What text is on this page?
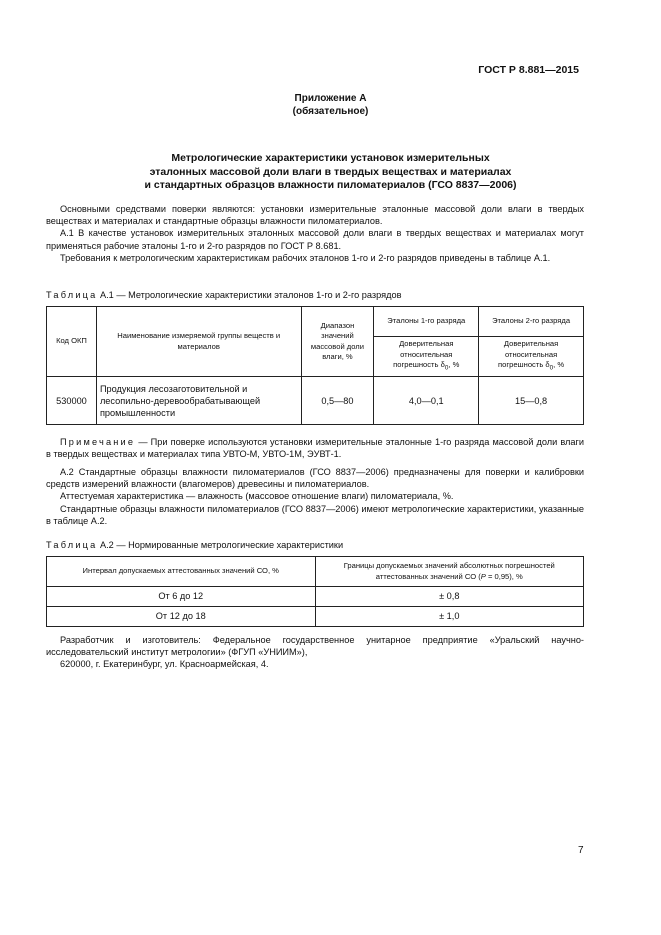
ГОСТ Р 8.881—2015
Приложение А
(обязательное)
Метрологические характеристики установок измерительных
эталонных массовой доли влаги в твердых веществах и материалах
и стандартных образцов влажности пиломатериалов (ГСО 8837—2006)

Основными средствами поверки являются: установки измерительные эталонные массовой доли влаги в твердых веществах и материалах и стандартные образцы влажности пиломатериалов.

А.1 В качестве установок измерительных эталонных массовой доли влаги в твердых веществах и материалах могут применяться рабочие эталоны 1-го и 2-го разрядов по ГОСТ Р 8.681.

Требования к метрологическим характеристикам рабочих эталонов 1-го и 2-го разрядов приведены в таблице А.1.

Таблица А.1 — Метрологические характеристики эталонов 1-го и 2-го разрядов
Код ОКП	Наименование измеряемой группы веществ и материалов	Диапазон значений массовой доли влаги, %	Эталоны 1-го разряда	Эталоны 2-го разряда
			Доверительная относительная погрешность $\delta_0$, %	Доверительная относительная погрешность $\delta_0$, %
530000	Продукция лесозаготовительной и лесопильно-деревообрабатывающей промышленности	0,5—80	4,0—0,1	15—0,8

Примечание — При поверке используются установки измерительные эталонные 1-го разряда массовой доли влаги в твердых веществах и материалах типа УВТО-М, УВТО-1М, ЭУВТ-1.

А.2 Стандартные образцы влажности пиломатериалов (ГСО 8837—2006) предназначены для поверки и калибровки средств измерений влажности (влагомеров) древесины и пиломатериалов.

Аттестуемая характеристика — влажность (массовое отношение влаги) пиломатериала, %.

Стандартные образцы влажности пиломатериалов (ГСО 8837—2006) имеют метрологические характеристики, указанные в таблице А.2.

Таблица А.2 — Нормированные метрологические характеристики
Интервал допускаемых аттестованных значений СО, %	Границы допускаемых значений абсолютных погрешностей аттестованных значений СО (P = 0,95), %
От 6 до 12	± 0,8
От 12 до 18	± 1,0

Разработчик и изготовитель: Федеральное государственное унитарное предприятие «Уральский научно-исследовательский институт метрологии» (ФГУП «УНИИМ»),

620000, г. Екатеринбург, ул. Красноармейская, 4.

7
